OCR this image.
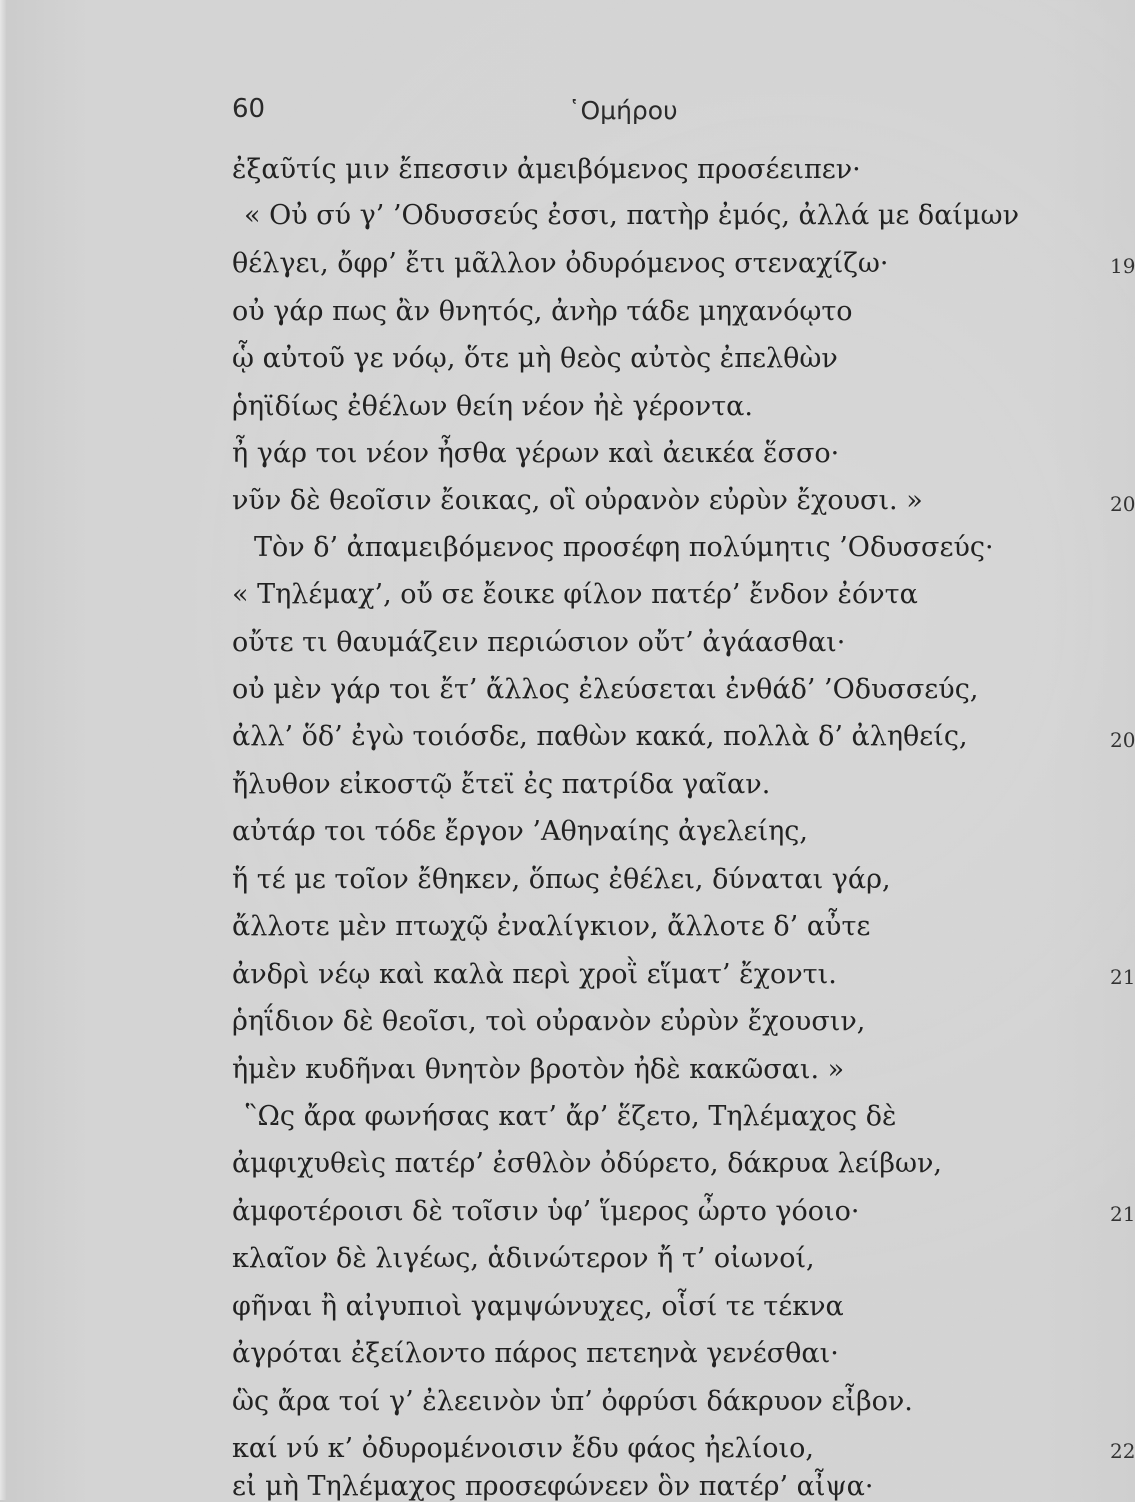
60	῾Ομήρου
ἐξαῦτίς μιν ἔπεσσιν ἀμειβόμενος προσέειπεν·
« Οὐ σύ γ’ ’Οδυσσεύς ἐσσι, πατὴρ ἐμός, ἀλλά με δαίμων
θέλγει, ὄφρ’ ἔτι μᾶλλον ὀδυρόμενος στεναχίζω·
οὐ γάρ πως ἂν θνητός, ἀνὴρ τάδε μηχανόῳτο
ᾧ αὐτοῦ γε νόῳ, ὅτε μὴ θεὸς αὐτὸς ἐπελθὼν
ῥηϊδίως ἐθέλων θείη νέον ἠὲ γέροντα.
ἦ γάρ τοι νέον ἦσθα γέρων καὶ ἀεικέα ἕσσο·
νῦν δὲ θεοῖσιν ἔοικας, οἳ οὐρανὸν εὐρὺν ἔχουσι. »
Τὸν δ’ ἀπαμειβόμενος προσέφη πολύμητις ’Οδυσσεύς·
« Τηλέμαχ’, οὔ σε ἔοικε φίλον πατέρ’ ἔνδον ἐόντα
οὔτε τι θαυμάζειν περιώσιον οὔτ’ ἀγάασθαι·
οὐ μὲν γάρ τοι ἔτ’ ἄλλος ἐλεύσεται ἐνθάδ’ ’Οδυσσεύς,
ἀλλ’ ὅδ’ ἐγὼ τοιόσδε, παθὼν κακά, πολλὰ δ’ ἀληθείς,
ἤλυθον εἰκοστῷ ἔτεϊ ἐς πατρίδα γαῖαν.
αὐτάρ τοι τόδε ἔργον ’Αθηναίης ἀγελείης,
ἥ τέ με τοῖον ἔθηκεν, ὅπως ἐθέλει, δύναται γάρ,
ἄλλοτε μὲν πτωχῷ ἐναλίγκιον, ἄλλοτε δ’ αὖτε
ἀνδρὶ νέῳ καὶ καλὰ περὶ χροῒ εἵματ’ ἔχοντι.
ῥηΐδιον δὲ θεοῖσι, τοὶ οὐρανὸν εὐρὺν ἔχουσιν,
ἠμὲν κυδῆναι θνητὸν βροτὸν ἠδὲ κακῶσαι. »
῝Ως ἄρα φωνήσας κατ’ ἄρ’ ἕζετο, Τηλέμαχος δὲ
ἀμφιχυθεὶς πατέρ’ ἐσθλὸν ὀδύρετο, δάκρυα λείβων,
ἀμφοτέροισι δὲ τοῖσιν ὑφ’ ἵμερος ὦρτο γόοιο·
κλαῖον δὲ λιγέως, ἁδινώτερον ἤ τ’ οἰωνοί,
φῆναι ἢ αἰγυπιοὶ γαμψώνυχες, οἷσί τε τέκνα
ἀγρόται ἐξείλοντο πάρος πετεηνὰ γενέσθαι·
ὣς ἄρα τοί γ’ ἐλεεινὸν ὑπ’ ὀφρύσι δάκρυον εἶβον.
καί νύ κ’ ὀδυρομένοισιν ἔδυ φάος ἠελίοιο,
εἰ μὴ Τηλέμαχος προσεφώνεεν ὃν πατέρ’ αἶψα·
19
20
20
21
21
22
